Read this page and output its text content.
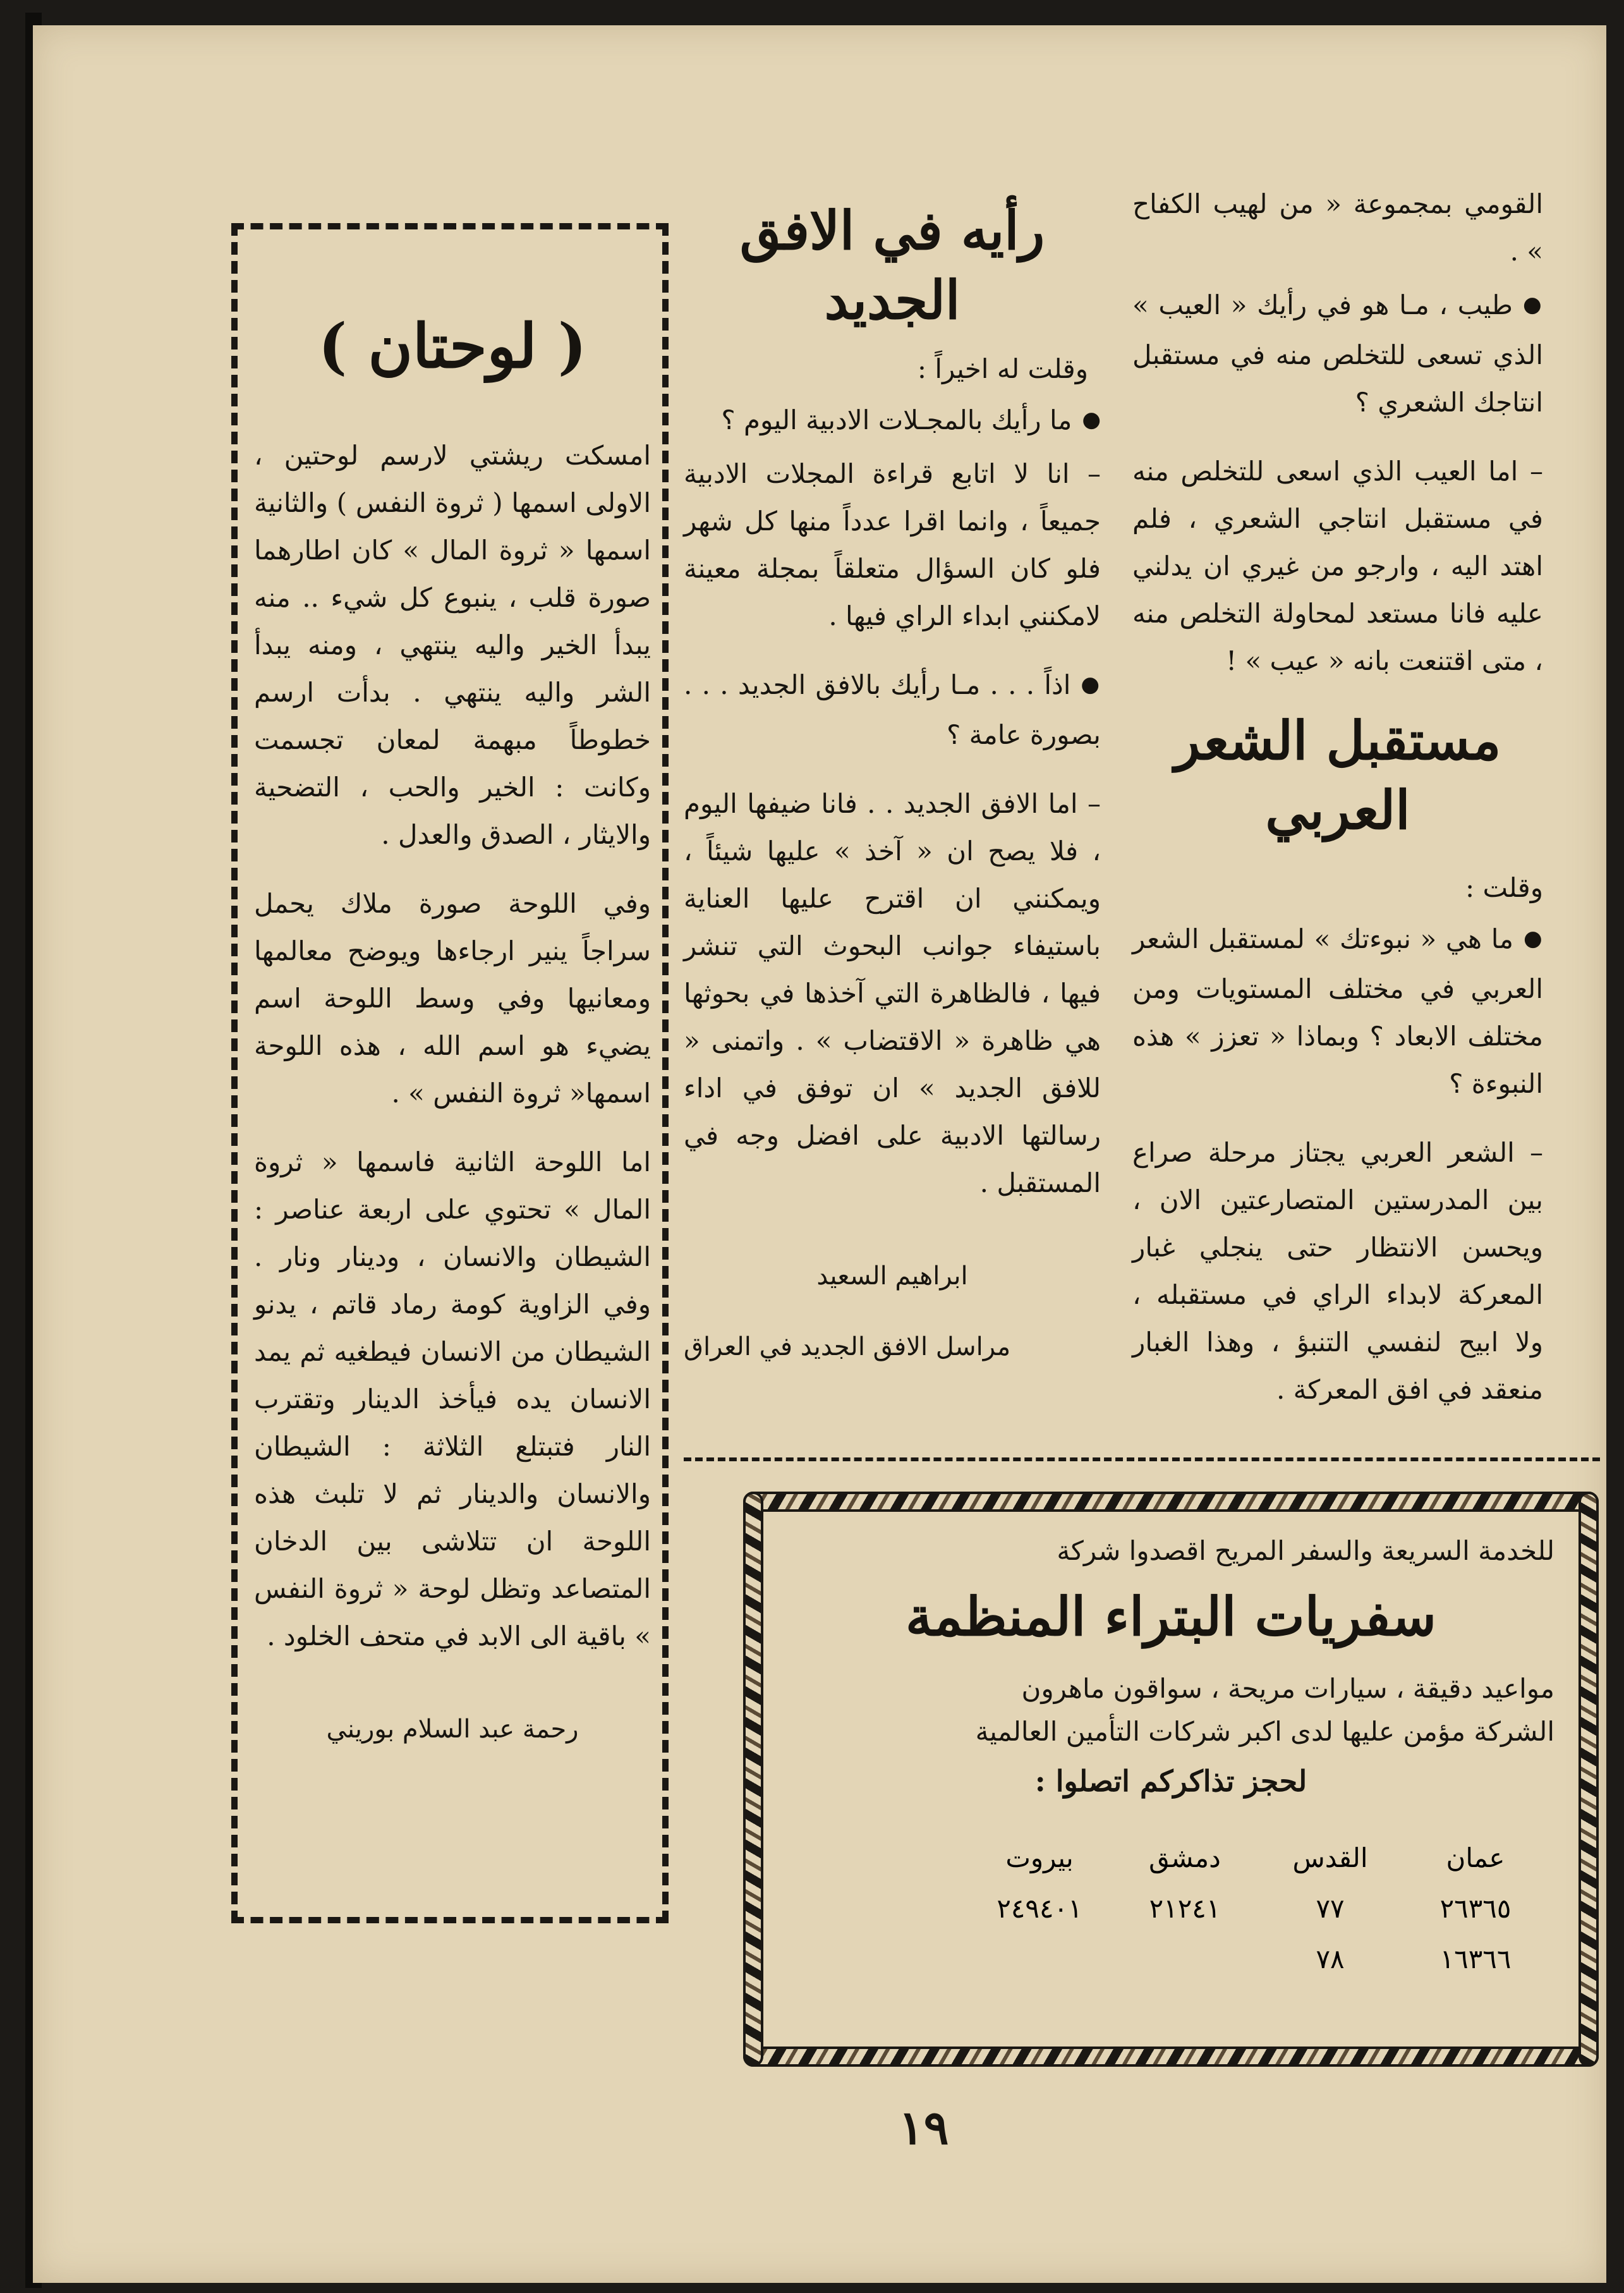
القومي بمجموعة « من لهيب الكفاح » .

● طيب ، مـا هو في رأيك « العيب » الذي تسعى للتخلص منه في مستقبل انتاجك الشعري ؟

– اما العيب الذي اسعى للتخلص منه في مستقبل انتاجي الشعري ، فلم اهتد اليه ، وارجو من غيري ان يدلني عليه فانا مستعد لمحاولة التخلص منه ، متى اقتنعت بانه « عيب » !

مستقبل الشعر العربي

وقلت :

● ما هي « نبوءتك » لمستقبل الشعر العربي في مختلف المستويات ومن مختلف الابعاد ؟ وبماذا « تعزز » هذه النبوءة ؟

– الشعر العربي يجتاز مرحلة صراع بين المدرستين المتصارعتين الان ، ويحسن الانتظار حتى ينجلي غبار المعركة لابداء الراي في مستقبله ، ولا ابيح لنفسي التنبؤ ، وهذا الغبار منعقد في افق المعركة .

رأيه في الافق الجديد

وقلت له اخيراً :

● ما رأيك بالمجـلات الادبية اليوم ؟

– انا لا اتابع قراءة المجلات الادبية جميعاً ، وانما اقرا عدداً منها كل شهر فلو كان السؤال متعلقاً بمجلة معينة لامكنني ابداء الراي فيها .

● اذاً . . . مـا رأيك بالافق الجديد . . . بصورة عامة ؟

– اما الافق الجديد . . فانا ضيفها اليوم ، فلا يصح ان « آخذ » عليها شيئاً ، ويمكنني ان اقترح عليها العناية باستيفاء جوانب البحوث التي تنشر فيها ، فالظاهرة التي آخذها في بحوثها هي ظاهرة « الاقتضاب » . واتمنى « للافق الجديد » ان توفق في اداء رسالتها الادبية على افضل وجه في المستقبل .

ابراهيم السعيد

مراسل الافق الجديد في العراق

( لوحتان )

امسكت ريشتي لارسم لوحتين ، الاولى اسمها ( ثروة النفس ) والثانية اسمها « ثروة المال » كان اطارهما صورة قلب ، ينبوع كل شيء .. منه يبدأ الخير واليه ينتهي ، ومنه يبدأ الشر واليه ينتهي . بدأت ارسم خطوطاً مبهمة لمعان تجسمت وكانت : الخير والحب ، التضحية والايثار ، الصدق والعدل .

وفي اللوحة صورة ملاك يحمل سراجاً ينير ارجاءها ويوضح معالمها ومعانيها وفي وسط اللوحة اسم يضيء هو اسم الله ، هذه اللوحة اسمها« ثروة النفس » .

اما اللوحة الثانية فاسمها « ثروة المال » تحتوي على اربعة عناصر : الشيطان والانسان ، ودينار ونار . وفي الزاوية كومة رماد قاتم ، يدنو الشيطان من الانسان فيطغيه ثم يمد الانسان يده فيأخذ الدينار وتقترب النار فتبتلع الثلاثة : الشيطان والانسان والدينار ثم لا تلبث هذه اللوحة ان تتلاشى بين الدخان المتصاعد وتظل لوحة « ثروة النفس » باقية الى الابد في متحف الخلود .

رحمة عبد السلام بوريني

للخدمة السريعة والسفر المريح اقصدوا شركة

سفريات البتراء المنظمة

مواعيد دقيقة ، سيارات مريحة ، سواقون ماهرون

الشركة مؤمن عليها لدى اكبر شركات التأمين العالمية

لحجز تذاكركم اتصلوا :

عمان
القدس
دمشق
بيروت
٢٦٣٦٥
٧٧
٢١٢٤١
٢٤٩٤٠١
١٦٣٦٦
٧٨
١٩
